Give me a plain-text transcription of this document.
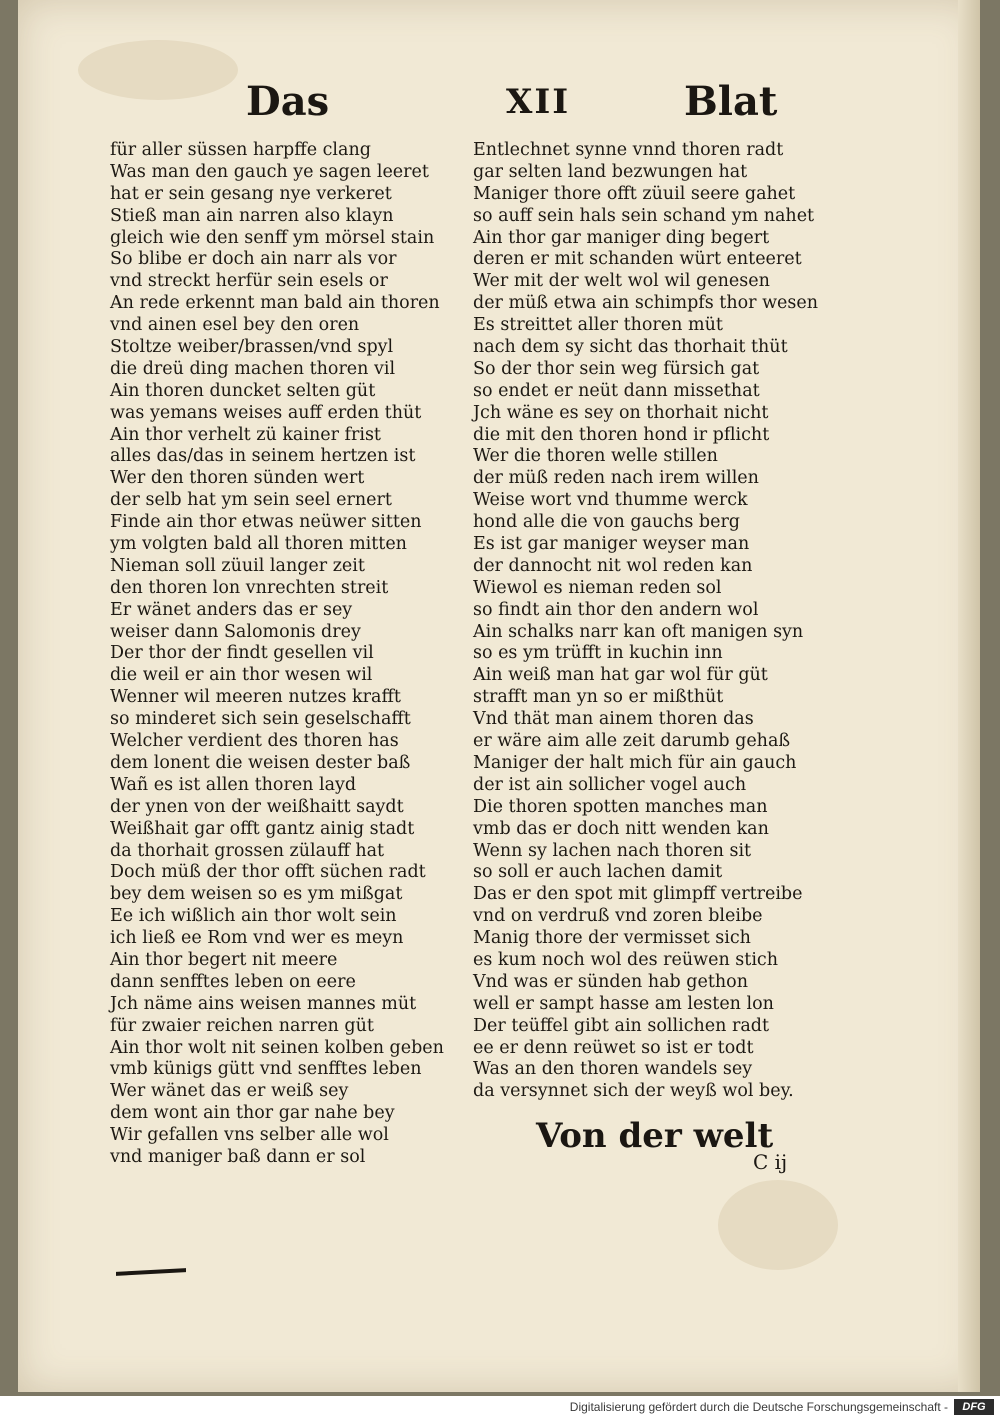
Das	XII	Blat
für aller süssen harpffe clang
Was man den gauch ye sagen leeret
hat er sein gesang nye verkeret
Stieß man ain narren also klayn
gleich wie den senff ym mörsel stain
So blibe er doch ain narr als vor
vnd streckt herfür sein esels or
An rede erkennt man bald ain thoren
vnd ainen esel bey den oren
Stoltze weiber/brassen/vnd spyl
die dreü ding machen thoren vil
Ain thoren duncket selten güt
was yemans weises auff erden thüt
Ain thor verhelt zü kainer frist
alles das/das in seinem hertzen ist
Wer den thoren sünden wert
der selb hat ym sein seel ernert
Finde ain thor etwas neüwer sitten
ym volgten bald all thoren mitten
Nieman soll züuil langer zeit
den thoren lon vnrechten streit
Er wänet anders das er sey
weiser dann Salomonis drey
Der thor der findt gesellen vil
die weil er ain thor wesen wil
Wenner wil meeren nutzes krafft
so minderet sich sein geselschafft
Welcher verdient des thoren has
dem lonent die weisen dester baß
Wañ es ist allen thoren layd
der ynen von der weißhaitt saydt
Weißhait gar offt gantz ainig stadt
da thorhait grossen zülauff hat
Doch müß der thor offt süchen radt
bey dem weisen so es ym mißgat
Ee ich wißlich ain thor wolt sein
ich ließ ee Rom vnd wer es meyn
Ain thor begert nit meere
dann senfftes leben on eere
Jch näme ains weisen mannes müt
für zwaier reichen narren güt
Ain thor wolt nit seinen kolben geben
vmb künigs gütt vnd senfftes leben
Wer wänet das er weiß sey
dem wont ain thor gar nahe bey
Wir gefallen vns selber alle wol
vnd maniger baß dann er sol
Entlechnet synne vnnd thoren radt
gar selten land bezwungen hat
Maniger thore offt züuil seere gahet
so auff sein hals sein schand ym nahet
Ain thor gar maniger ding begert
deren er mit schanden würt enteeret
Wer mit der welt wol wil genesen
der müß etwa ain schimpfs thor wesen
Es streittet aller thoren müt
nach dem sy sicht das thorhait thüt
So der thor sein weg fürsich gat
so endet er neüt dann missethat
Jch wäne es sey on thorhait nicht
die mit den thoren hond ir pflicht
Wer die thoren welle stillen
der müß reden nach irem willen
Weise wort vnd thumme werck
hond alle die von gauchs berg
Es ist gar maniger weyser man
der dannocht nit wol reden kan
Wiewol es nieman reden sol
so findt ain thor den andern wol
Ain schalks narr kan oft manigen syn
so es ym trüfft in kuchin inn
Ain weiß man hat gar wol für güt
strafft man yn so er mißthüt
Vnd thät man ainem thoren das
er wäre aim alle zeit darumb gehaß
Maniger der halt mich für ain gauch
der ist ain sollicher vogel auch
Die thoren spotten manches man
vmb das er doch nitt wenden kan
Wenn sy lachen nach thoren sit
so soll er auch lachen damit
Das er den spot mit glimpff vertreibe
vnd on verdruß vnd zoren bleibe
Manig thore der vermisset sich
es kum noch wol des reüwen stich
Vnd was er sünden hab gethon
well er sampt hasse am lesten lon
Der teüffel gibt ain sollichen radt
ee er denn reüwet so ist er todt
Was an den thoren wandels sey
da versynnet sich der weyß wol bey.
Von der welt
C ij
Digitalisierung gefördert durch die Deutsche Forschungsgemeinschaft -	DFG
